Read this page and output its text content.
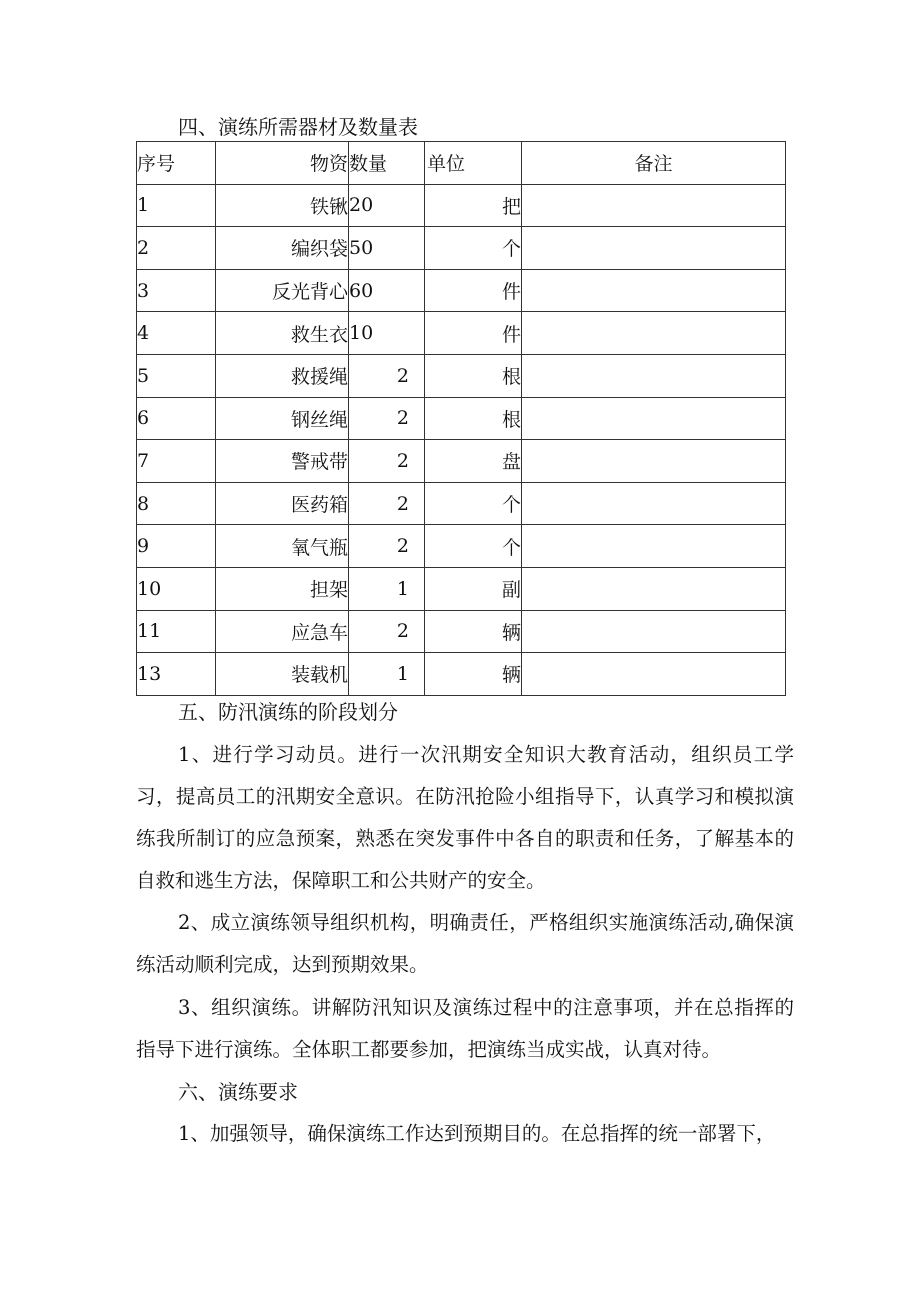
四、演练所需器材及数量表
序号	物资	数量	单位	备注
1	铁锹	20	把	
2	编织袋	50	个	
3	反光背心	60	件	
4	救生衣	10	件	
5	救援绳	2	根	
6	钢丝绳	2	根	
7	警戒带	2	盘	
8	医药箱	2	个	
9	氧气瓶	2	个	
10	担架	1	副	
11	应急车	2	辆	
13	装载机	1	辆	

五、防汛演练的阶段划分

1、进行学习动员。进行一次汛期安全知识大教育活动，组织员工学习，提高员工的汛期安全意识。在防汛抢险小组指导下，认真学习和模拟演练我所制订的应急预案，熟悉在突发事件中各自的职责和任务，了解基本的自救和逃生方法，保障职工和公共财产的安全。

2、成立演练领导组织机构，明确责任，严格组织实施演练活动,确保演练活动顺利完成，达到预期效果。

3、组织演练。讲解防汛知识及演练过程中的注意事项，并在总指挥的指导下进行演练。全体职工都要参加，把演练当成实战，认真对待。

六、演练要求

1、加强领导，确保演练工作达到预期目的。在总指挥的统一部署下，
